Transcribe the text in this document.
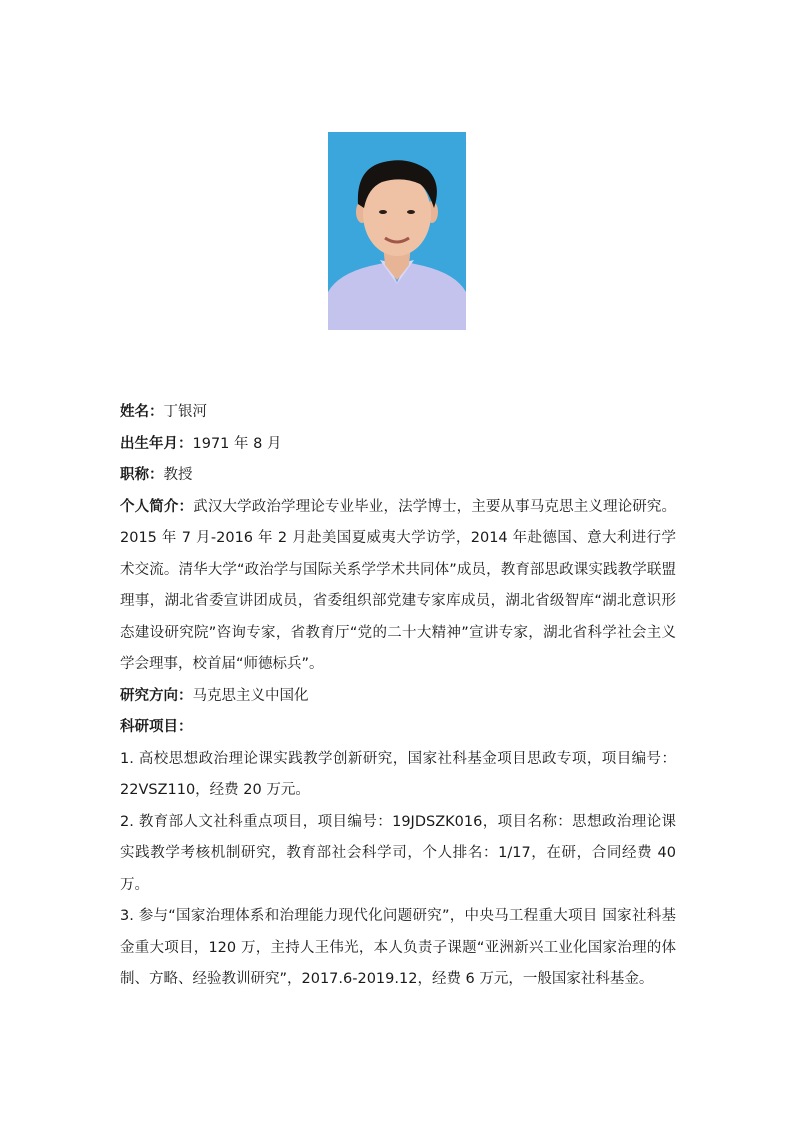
姓名：丁银河

出生年月：1971 年 8 月

职称：教授

个人简介：武汉大学政治学理论专业毕业，法学博士，主要从事马克思主义理论研究。2015 年 7 月-2016 年 2 月赴美国夏威夷大学访学，2014 年赴德国、意大利进行学术交流。清华大学“政治学与国际关系学学术共同体”成员，教育部思政课实践教学联盟理事，湖北省委宣讲团成员，省委组织部党建专家库成员，湖北省级智库“湖北意识形态建设研究院”咨询专家，省教育厅“党的二十大精神”宣讲专家，湖北省科学社会主义学会理事，校首届“师德标兵”。

研究方向：马克思主义中国化

科研项目：

1. 高校思想政治理论课实践教学创新研究，国家社科基金项目思政专项，项目编号：22VSZ110，经费 20 万元。

2. 教育部人文社科重点项目，项目编号：19JDSZK016，项目名称：思想政治理论课实践教学考核机制研究，教育部社会科学司，个人排名：1/17，在研，合同经费 40 万。

3. 参与“国家治理体系和治理能力现代化问题研究”，中央马工程重大项目 国家社科基金重大项目，120 万，主持人王伟光，本人负责子课题“亚洲新兴工业化国家治理的体制、方略、经验教训研究”，2017.6-2019.12，经费 6 万元，一般国家社科基金。
